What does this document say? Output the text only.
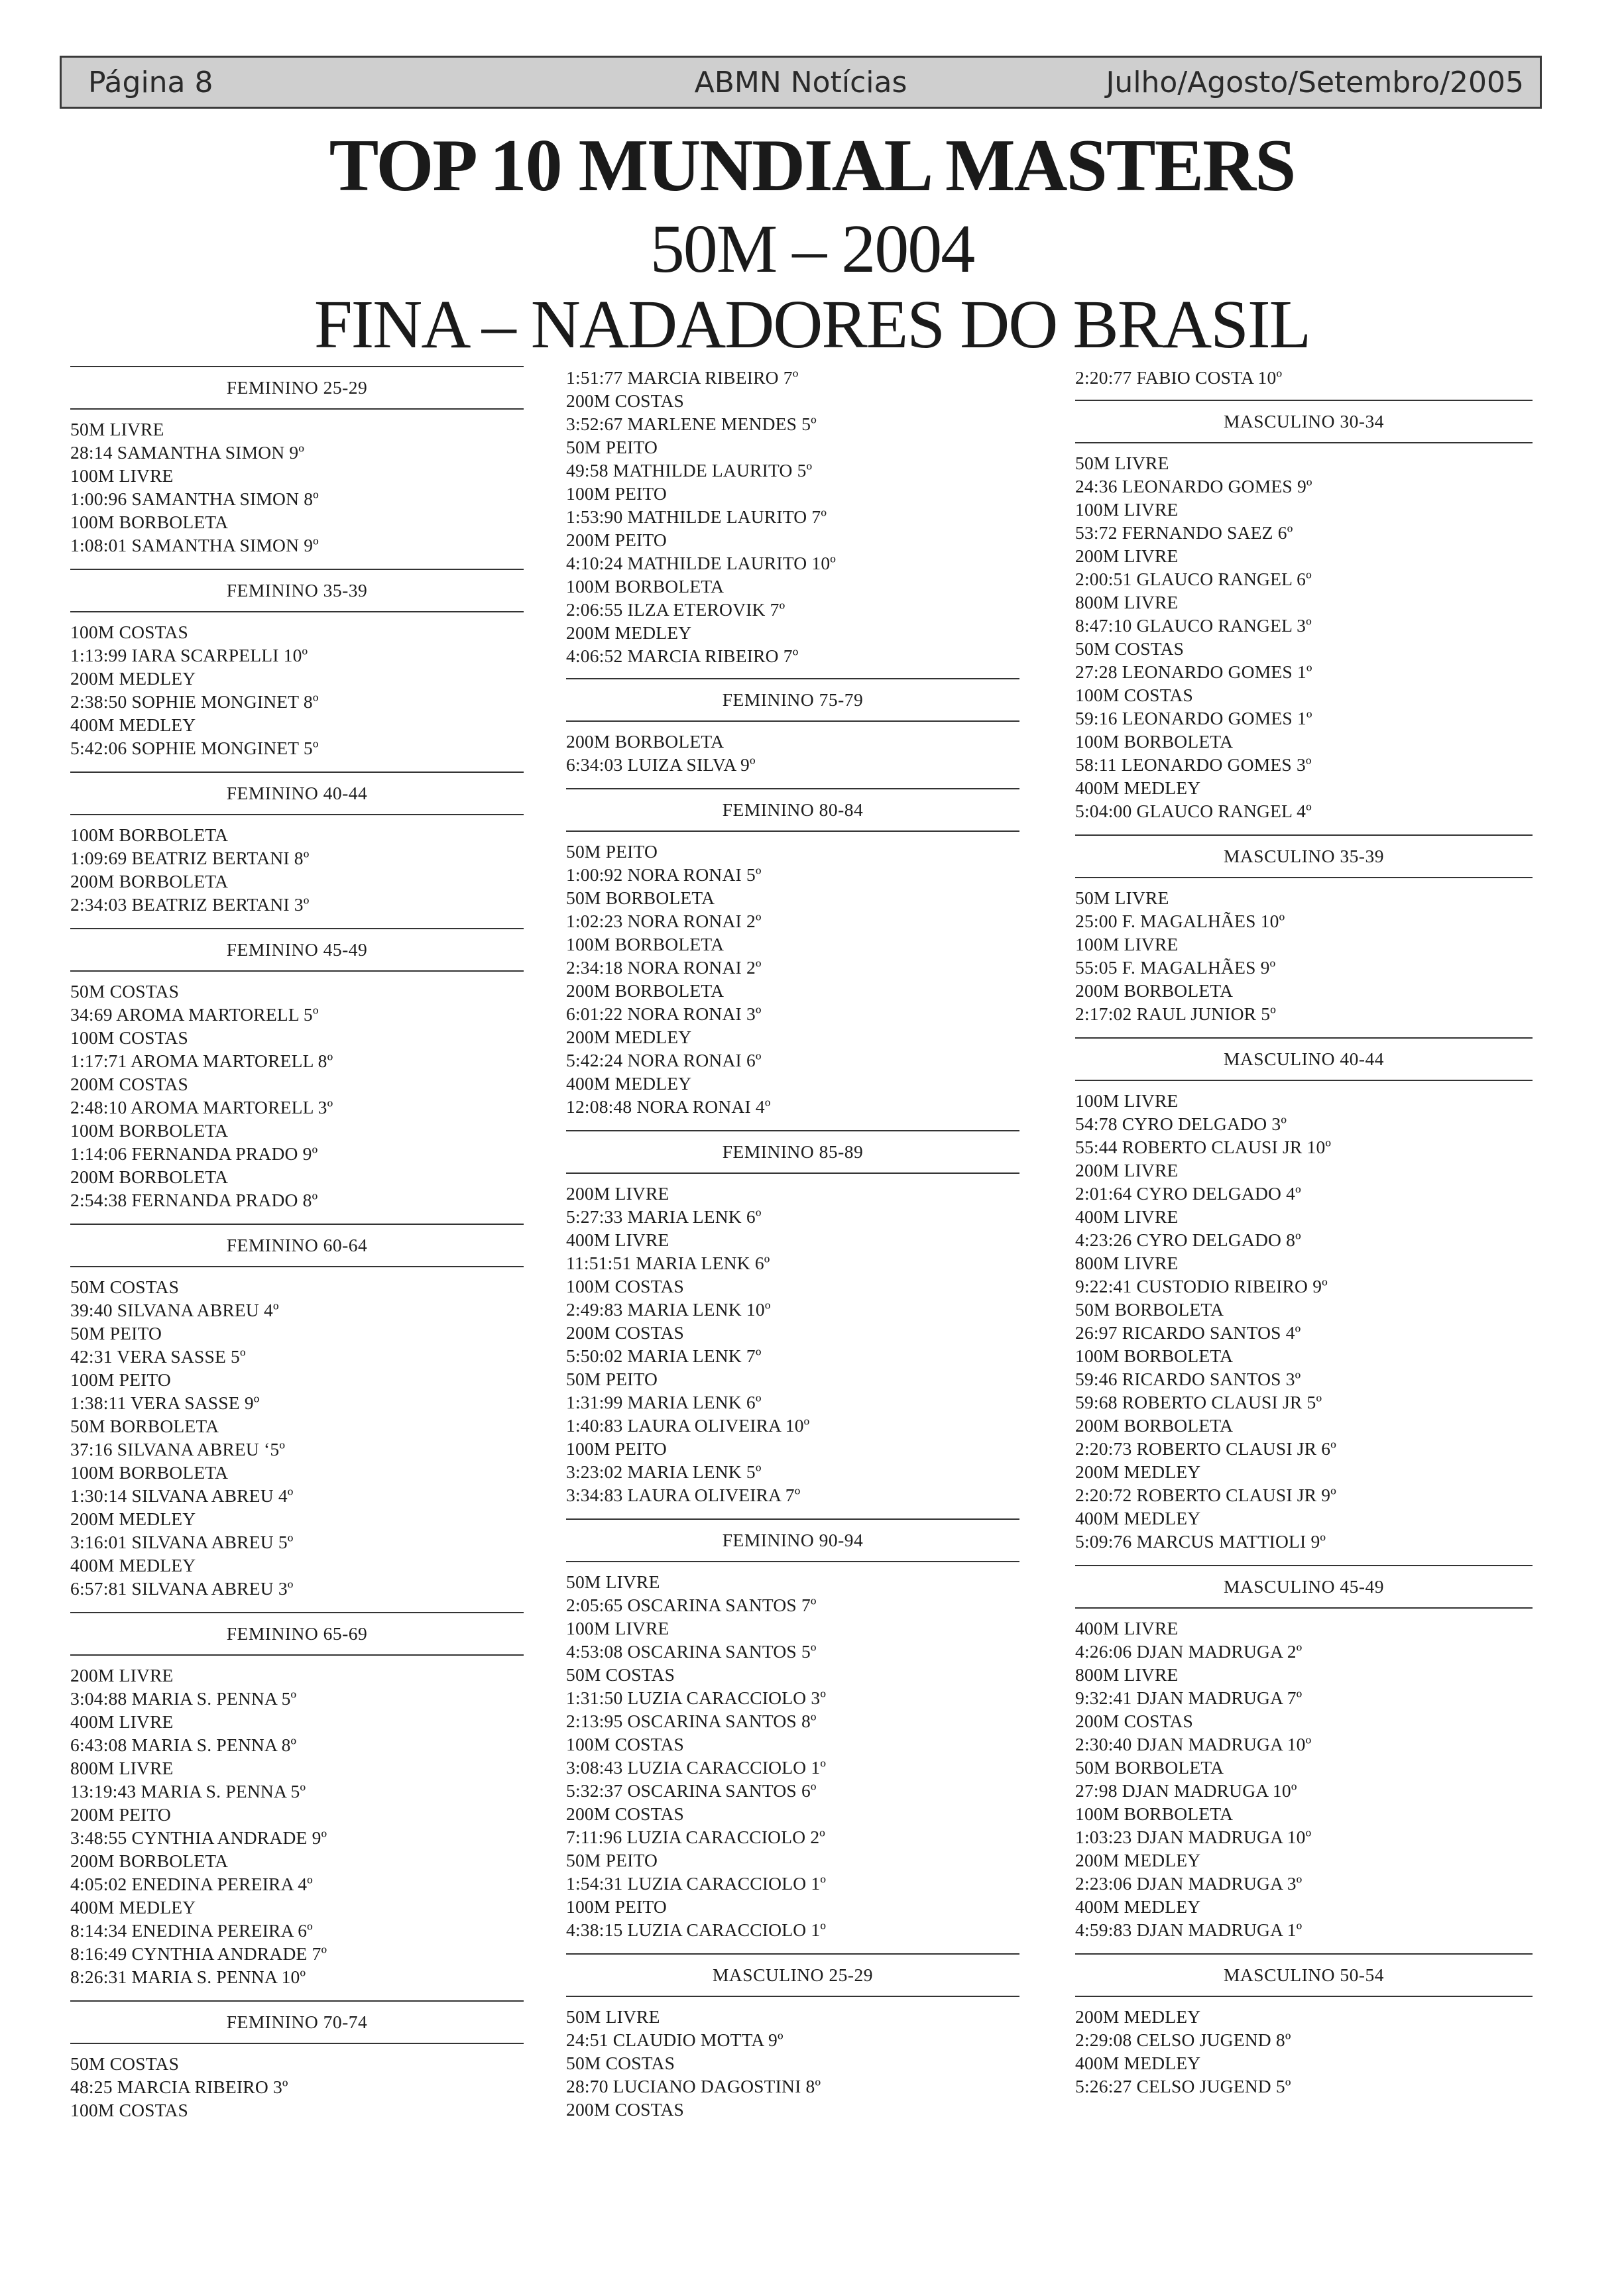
Página 8	ABMN Notícias	Julho/Agosto/Setembro/2005
TOP 10 MUNDIAL MASTERS
50M – 2004
FINA – NADADORES DO BRASIL
FEMININO 25-29
50M LIVRE
28:14 SAMANTHA SIMON 9º
100M LIVRE
1:00:96 SAMANTHA SIMON 8º
100M BORBOLETA
1:08:01 SAMANTHA SIMON 9º
FEMININO 35-39
100M COSTAS
1:13:99 IARA SCARPELLI 10º
200M MEDLEY
2:38:50 SOPHIE MONGINET 8º
400M MEDLEY
5:42:06 SOPHIE MONGINET 5º
FEMININO 40-44
100M BORBOLETA
1:09:69 BEATRIZ BERTANI 8º
200M BORBOLETA
2:34:03 BEATRIZ BERTANI 3º
FEMININO 45-49
50M COSTAS
34:69 AROMA MARTORELL 5º
100M COSTAS
1:17:71 AROMA MARTORELL 8º
200M COSTAS
2:48:10 AROMA MARTORELL 3º
100M BORBOLETA
1:14:06 FERNANDA PRADO 9º
200M BORBOLETA
2:54:38 FERNANDA PRADO 8º
FEMININO 60-64
50M COSTAS
39:40 SILVANA ABREU 4º
50M PEITO
42:31 VERA SASSE 5º
100M PEITO
1:38:11 VERA SASSE 9º
50M BORBOLETA
37:16 SILVANA ABREU ‘5º
100M BORBOLETA
1:30:14 SILVANA ABREU 4º
200M MEDLEY
3:16:01 SILVANA ABREU 5º
400M MEDLEY
6:57:81 SILVANA ABREU 3º
FEMININO 65-69
200M LIVRE
3:04:88 MARIA S. PENNA 5º
400M LIVRE
6:43:08 MARIA S. PENNA 8º
800M LIVRE
13:19:43 MARIA S. PENNA 5º
200M PEITO
3:48:55 CYNTHIA ANDRADE 9º
200M BORBOLETA
4:05:02 ENEDINA PEREIRA 4º
400M MEDLEY
8:14:34 ENEDINA PEREIRA 6º
8:16:49 CYNTHIA ANDRADE 7º
8:26:31 MARIA S. PENNA 10º
FEMININO 70-74
50M COSTAS
48:25 MARCIA RIBEIRO 3º
100M COSTAS
1:51:77 MARCIA RIBEIRO 7º
200M COSTAS
3:52:67 MARLENE MENDES 5º
50M PEITO
49:58 MATHILDE LAURITO 5º
100M PEITO
1:53:90 MATHILDE LAURITO 7º
200M PEITO
4:10:24 MATHILDE LAURITO 10º
100M BORBOLETA
2:06:55 ILZA ETEROVIK 7º
200M MEDLEY
4:06:52 MARCIA RIBEIRO 7º
FEMININO 75-79
200M BORBOLETA
6:34:03 LUIZA SILVA 9º
FEMININO 80-84
50M PEITO
1:00:92 NORA RONAI 5º
50M BORBOLETA
1:02:23 NORA RONAI 2º
100M BORBOLETA
2:34:18 NORA RONAI 2º
200M BORBOLETA
6:01:22 NORA RONAI 3º
200M MEDLEY
5:42:24 NORA RONAI 6º
400M MEDLEY
12:08:48 NORA RONAI 4º
FEMININO 85-89
200M LIVRE
5:27:33 MARIA LENK 6º
400M LIVRE
11:51:51 MARIA LENK 6º
100M COSTAS
2:49:83 MARIA LENK 10º
200M COSTAS
5:50:02 MARIA LENK 7º
50M PEITO
1:31:99 MARIA LENK 6º
1:40:83 LAURA OLIVEIRA 10º
100M PEITO
3:23:02 MARIA LENK 5º
3:34:83 LAURA OLIVEIRA 7º
FEMININO 90-94
50M LIVRE
2:05:65 OSCARINA SANTOS 7º
100M LIVRE
4:53:08 OSCARINA SANTOS 5º
50M COSTAS
1:31:50 LUZIA CARACCIOLO 3º
2:13:95 OSCARINA SANTOS 8º
100M COSTAS
3:08:43 LUZIA CARACCIOLO 1º
5:32:37 OSCARINA SANTOS 6º
200M COSTAS
7:11:96 LUZIA CARACCIOLO 2º
50M PEITO
1:54:31 LUZIA CARACCIOLO 1º
100M PEITO
4:38:15 LUZIA CARACCIOLO 1º
MASCULINO 25-29
50M LIVRE
24:51 CLAUDIO MOTTA 9º
50M COSTAS
28:70 LUCIANO DAGOSTINI 8º
200M COSTAS
2:20:77 FABIO COSTA 10º
MASCULINO 30-34
50M LIVRE
24:36 LEONARDO GOMES 9º
100M LIVRE
53:72 FERNANDO SAEZ 6º
200M LIVRE
2:00:51 GLAUCO RANGEL 6º
800M LIVRE
8:47:10 GLAUCO RANGEL 3º
50M COSTAS
27:28 LEONARDO GOMES 1º
100M COSTAS
59:16 LEONARDO GOMES 1º
100M BORBOLETA
58:11 LEONARDO GOMES 3º
400M MEDLEY
5:04:00 GLAUCO RANGEL 4º
MASCULINO 35-39
50M LIVRE
25:00 F. MAGALHÃES 10º
100M LIVRE
55:05 F. MAGALHÃES 9º
200M BORBOLETA
2:17:02 RAUL JUNIOR 5º
MASCULINO 40-44
100M LIVRE
54:78 CYRO DELGADO 3º
55:44 ROBERTO CLAUSI JR 10º
200M LIVRE
2:01:64 CYRO DELGADO 4º
400M LIVRE
4:23:26 CYRO DELGADO 8º
800M LIVRE
9:22:41 CUSTODIO RIBEIRO 9º
50M BORBOLETA
26:97 RICARDO SANTOS 4º
100M BORBOLETA
59:46 RICARDO SANTOS 3º
59:68 ROBERTO CLAUSI JR 5º
200M BORBOLETA
2:20:73 ROBERTO CLAUSI JR 6º
200M MEDLEY
2:20:72 ROBERTO CLAUSI JR 9º
400M MEDLEY
5:09:76 MARCUS MATTIOLI 9º
MASCULINO 45-49
400M LIVRE
4:26:06 DJAN MADRUGA 2º
800M LIVRE
9:32:41 DJAN MADRUGA 7º
200M COSTAS
2:30:40 DJAN MADRUGA 10º
50M BORBOLETA
27:98 DJAN MADRUGA 10º
100M BORBOLETA
1:03:23 DJAN MADRUGA 10º
200M MEDLEY
2:23:06 DJAN MADRUGA 3º
400M MEDLEY
4:59:83 DJAN MADRUGA 1º
MASCULINO 50-54
200M MEDLEY
2:29:08 CELSO JUGEND 8º
400M MEDLEY
5:26:27 CELSO JUGEND 5º
